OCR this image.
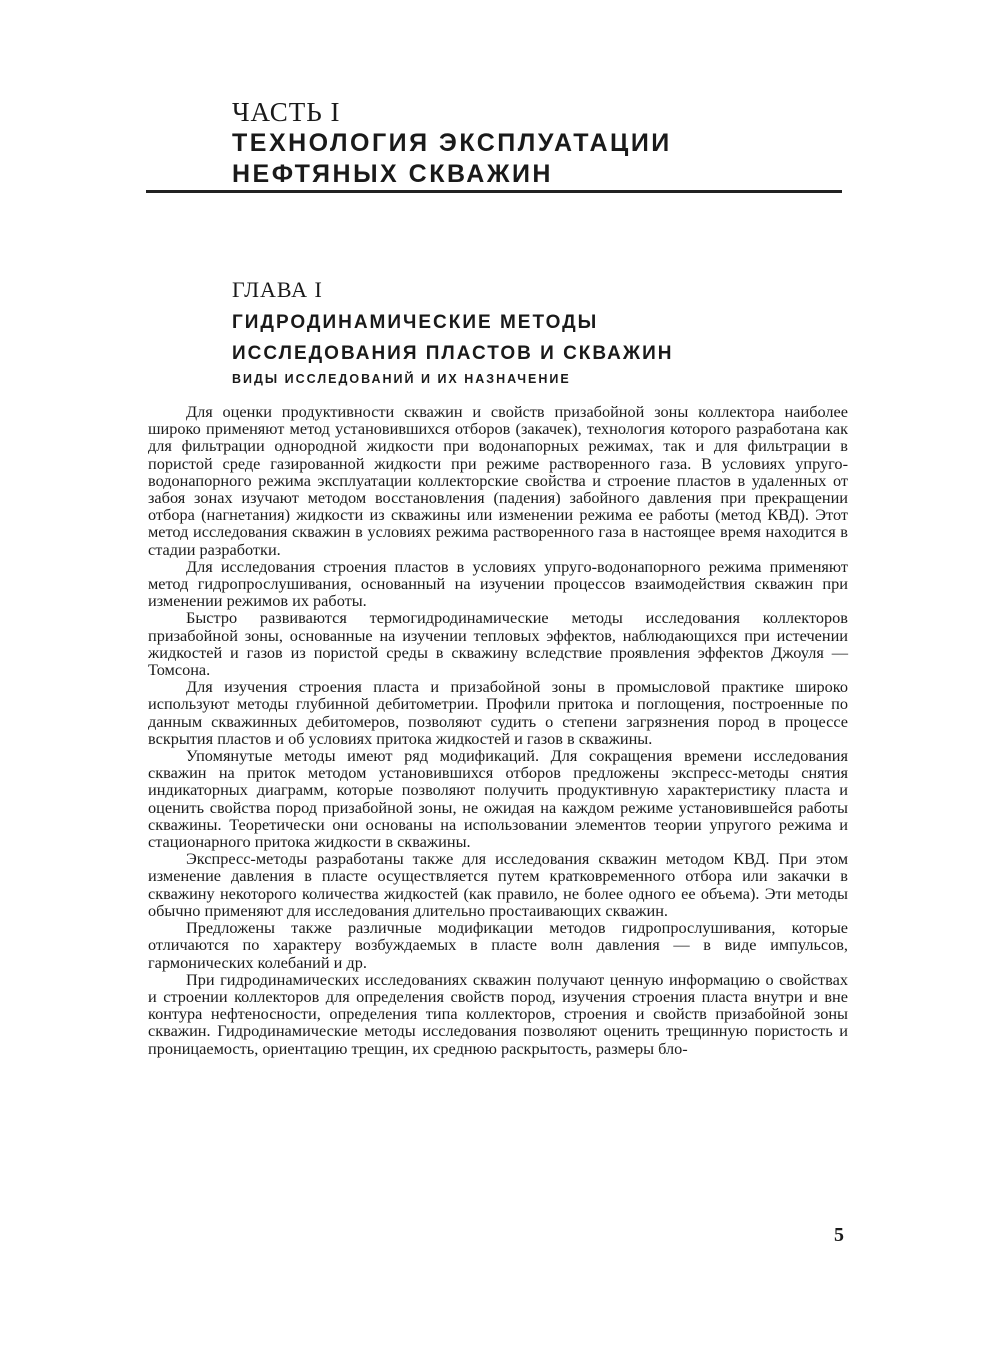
ЧАСТЬ I
ТЕХНОЛОГИЯ ЭКСПЛУАТАЦИИ
НЕФТЯНЫХ СКВАЖИН
ГЛАВА I
ГИДРОДИНАМИЧЕСКИЕ МЕТОДЫ
ИССЛЕДОВАНИЯ ПЛАСТОВ И СКВАЖИН
ВИДЫ ИССЛЕДОВАНИЙ И ИХ НАЗНАЧЕНИЕ

Для оценки продуктивности скважин и свойств призабойной зоны коллектора наиболее широко применяют метод установившихся отборов (закачек), технология которого разработана как для фильтрации однородной жидкости при водонапорных режимах, так и для фильтрации в пористой среде газированной жидкости при режиме растворенного газа. В условиях упруго-водонапорного режима эксплуатации коллекторские свойства и строение пластов в удаленных от забоя зонах изучают методом восстановления (падения) забойного давления при прекращении отбора (нагнетания) жидкости из скважины или изменении режима ее работы (метод КВД). Этот метод исследования скважин в условиях режима растворенного газа в настоящее время находится в стадии разработки.

Для исследования строения пластов в условиях упруго-водонапорного режима применяют метод гидропрослушивания, основанный на изучении процессов взаимодействия скважин при изменении режимов их работы.

Быстро развиваются термогидродинамические методы исследования коллекторов призабойной зоны, основанные на изучении тепловых эффектов, наблюдающихся при истечении жидкостей и газов из пористой среды в скважину вследствие проявления эффектов Джоуля — Томсона.

Для изучения строения пласта и призабойной зоны в промысловой практике широко используют методы глубинной дебитометрии. Профили притока и поглощения, построенные по данным скважинных дебитомеров, позволяют судить о степени загрязнения пород в процессе вскрытия пластов и об условиях притока жидкостей и газов в скважины.

Упомянутые методы имеют ряд модификаций. Для сокращения времени исследования скважин на приток методом установившихся отборов предложены экспресс-методы снятия индикаторных диаграмм, которые позволяют получить продуктивную характеристику пласта и оценить свойства пород призабойной зоны, не ожидая на каждом режиме установившейся работы скважины. Теоретически они основаны на использовании элементов теории упругого режима и стационарного притока жидкости в скважины.

Экспресс-методы разработаны также для исследования скважин методом КВД. При этом изменение давления в пласте осуществляется путем кратковременного отбора или закачки в скважину некоторого количества жидкостей (как правило, не более одного ее объема). Эти методы обычно применяют для исследования длительно простаивающих скважин.

Предложены также различные модификации методов гидропрослушивания, которые отличаются по характеру возбуждаемых в пласте волн давления — в виде импульсов, гармонических колебаний и др.

При гидродинамических исследованиях скважин получают ценную информацию о свойствах и строении коллекторов для определения свойств пород, изучения строения пласта внутри и вне контура нефтеносности, определения типа коллекторов, строения и свойств призабойной зоны скважин. Гидродинамические методы исследования позволяют оценить трещинную пористость и проницаемость, ориентацию трещин, их среднюю раскрытость, размеры бло-

5
